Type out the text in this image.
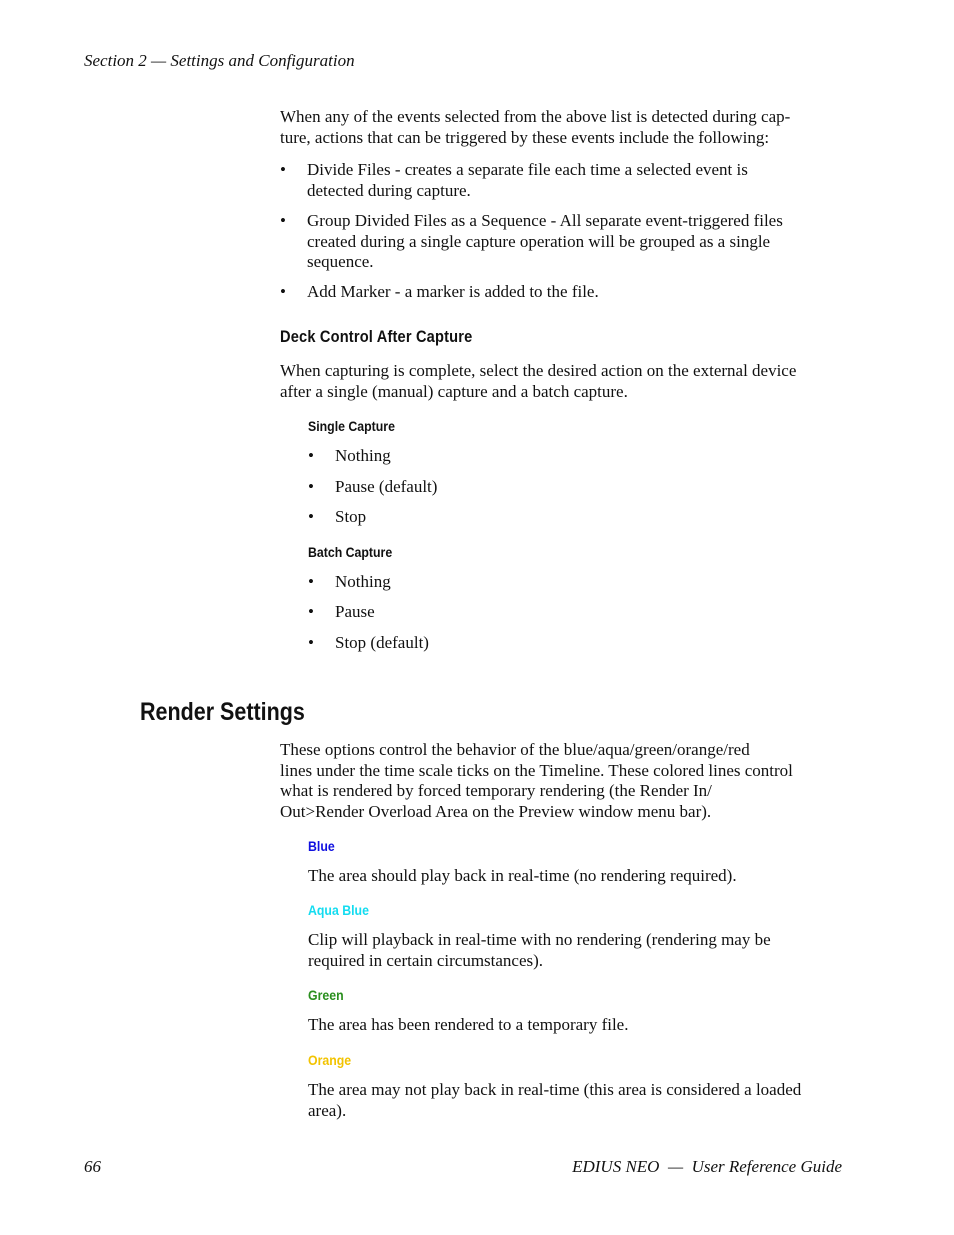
Section 2 — Settings and Configuration
When any of the events selected from the above list is detected during cap-
ture, actions that can be triggered by these events include the following:
• Divide Files - creates a separate file each time a selected event is
detected during capture.
• Group Divided Files as a Sequence - All separate event-triggered files
created during a single capture operation will be grouped as a single
sequence.
• Add Marker - a marker is added to the file.
Deck Control After Capture
When capturing is complete, select the desired action on the external device
after a single (manual) capture and a batch capture.
Single Capture
• Nothing
• Pause (default)
• Stop
Batch Capture
• Nothing
• Pause
• Stop (default)
Render Settings
These options control the behavior of the blue/aqua/green/orange/red
lines under the time scale ticks on the Timeline. These colored lines control
what is rendered by forced temporary rendering (the Render In/
Out>Render Overload Area on the Preview window menu bar).
Blue
The area should play back in real-time (no rendering required).
Aqua Blue
Clip will playback in real-time with no rendering (rendering may be
required in certain circumstances).
Green
The area has been rendered to a temporary file.
Orange
The area may not play back in real-time (this area is considered a loaded
area).
66	EDIUS NEO  —  User Reference Guide
